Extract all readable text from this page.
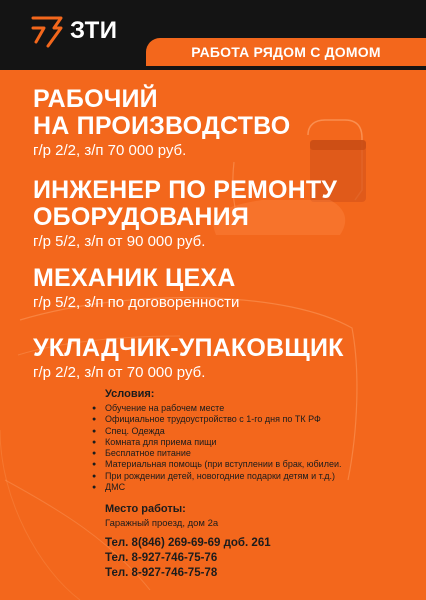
ЗТИ
РАБОТА РЯДОМ С ДОМОМ
РАБОЧИЙ
НА ПРОИЗВОДСТВО
г/р 2/2, з/п 70 000 руб.
ИНЖЕНЕР ПО РЕМОНТУ
ОБОРУДОВАНИЯ
г/р 5/2, з/п от 90 000 руб.
МЕХАНИК ЦЕХА
г/р 5/2, з/п по договоренности
УКЛАДЧИК-УПАКОВЩИК
г/р 2/2, з/п от 70 000 руб.
Условия:
● Обучение на рабочем месте
● Официальное трудоустройство с 1-го дня по ТК РФ
● Спец. Одежда
● Комната для приема пищи
● Бесплатное питание
● Материальная помощь (при вступлении в брак, юбилеи.
● При рождении детей, новогодние подарки детям и т.д.)
● ДМС
Место работы:
Гаражный проезд, дом 2а
Тел. 8(846) 269-69-69 доб. 261
Тел. 8-927-746-75-76
Тел. 8-927-746-75-78
